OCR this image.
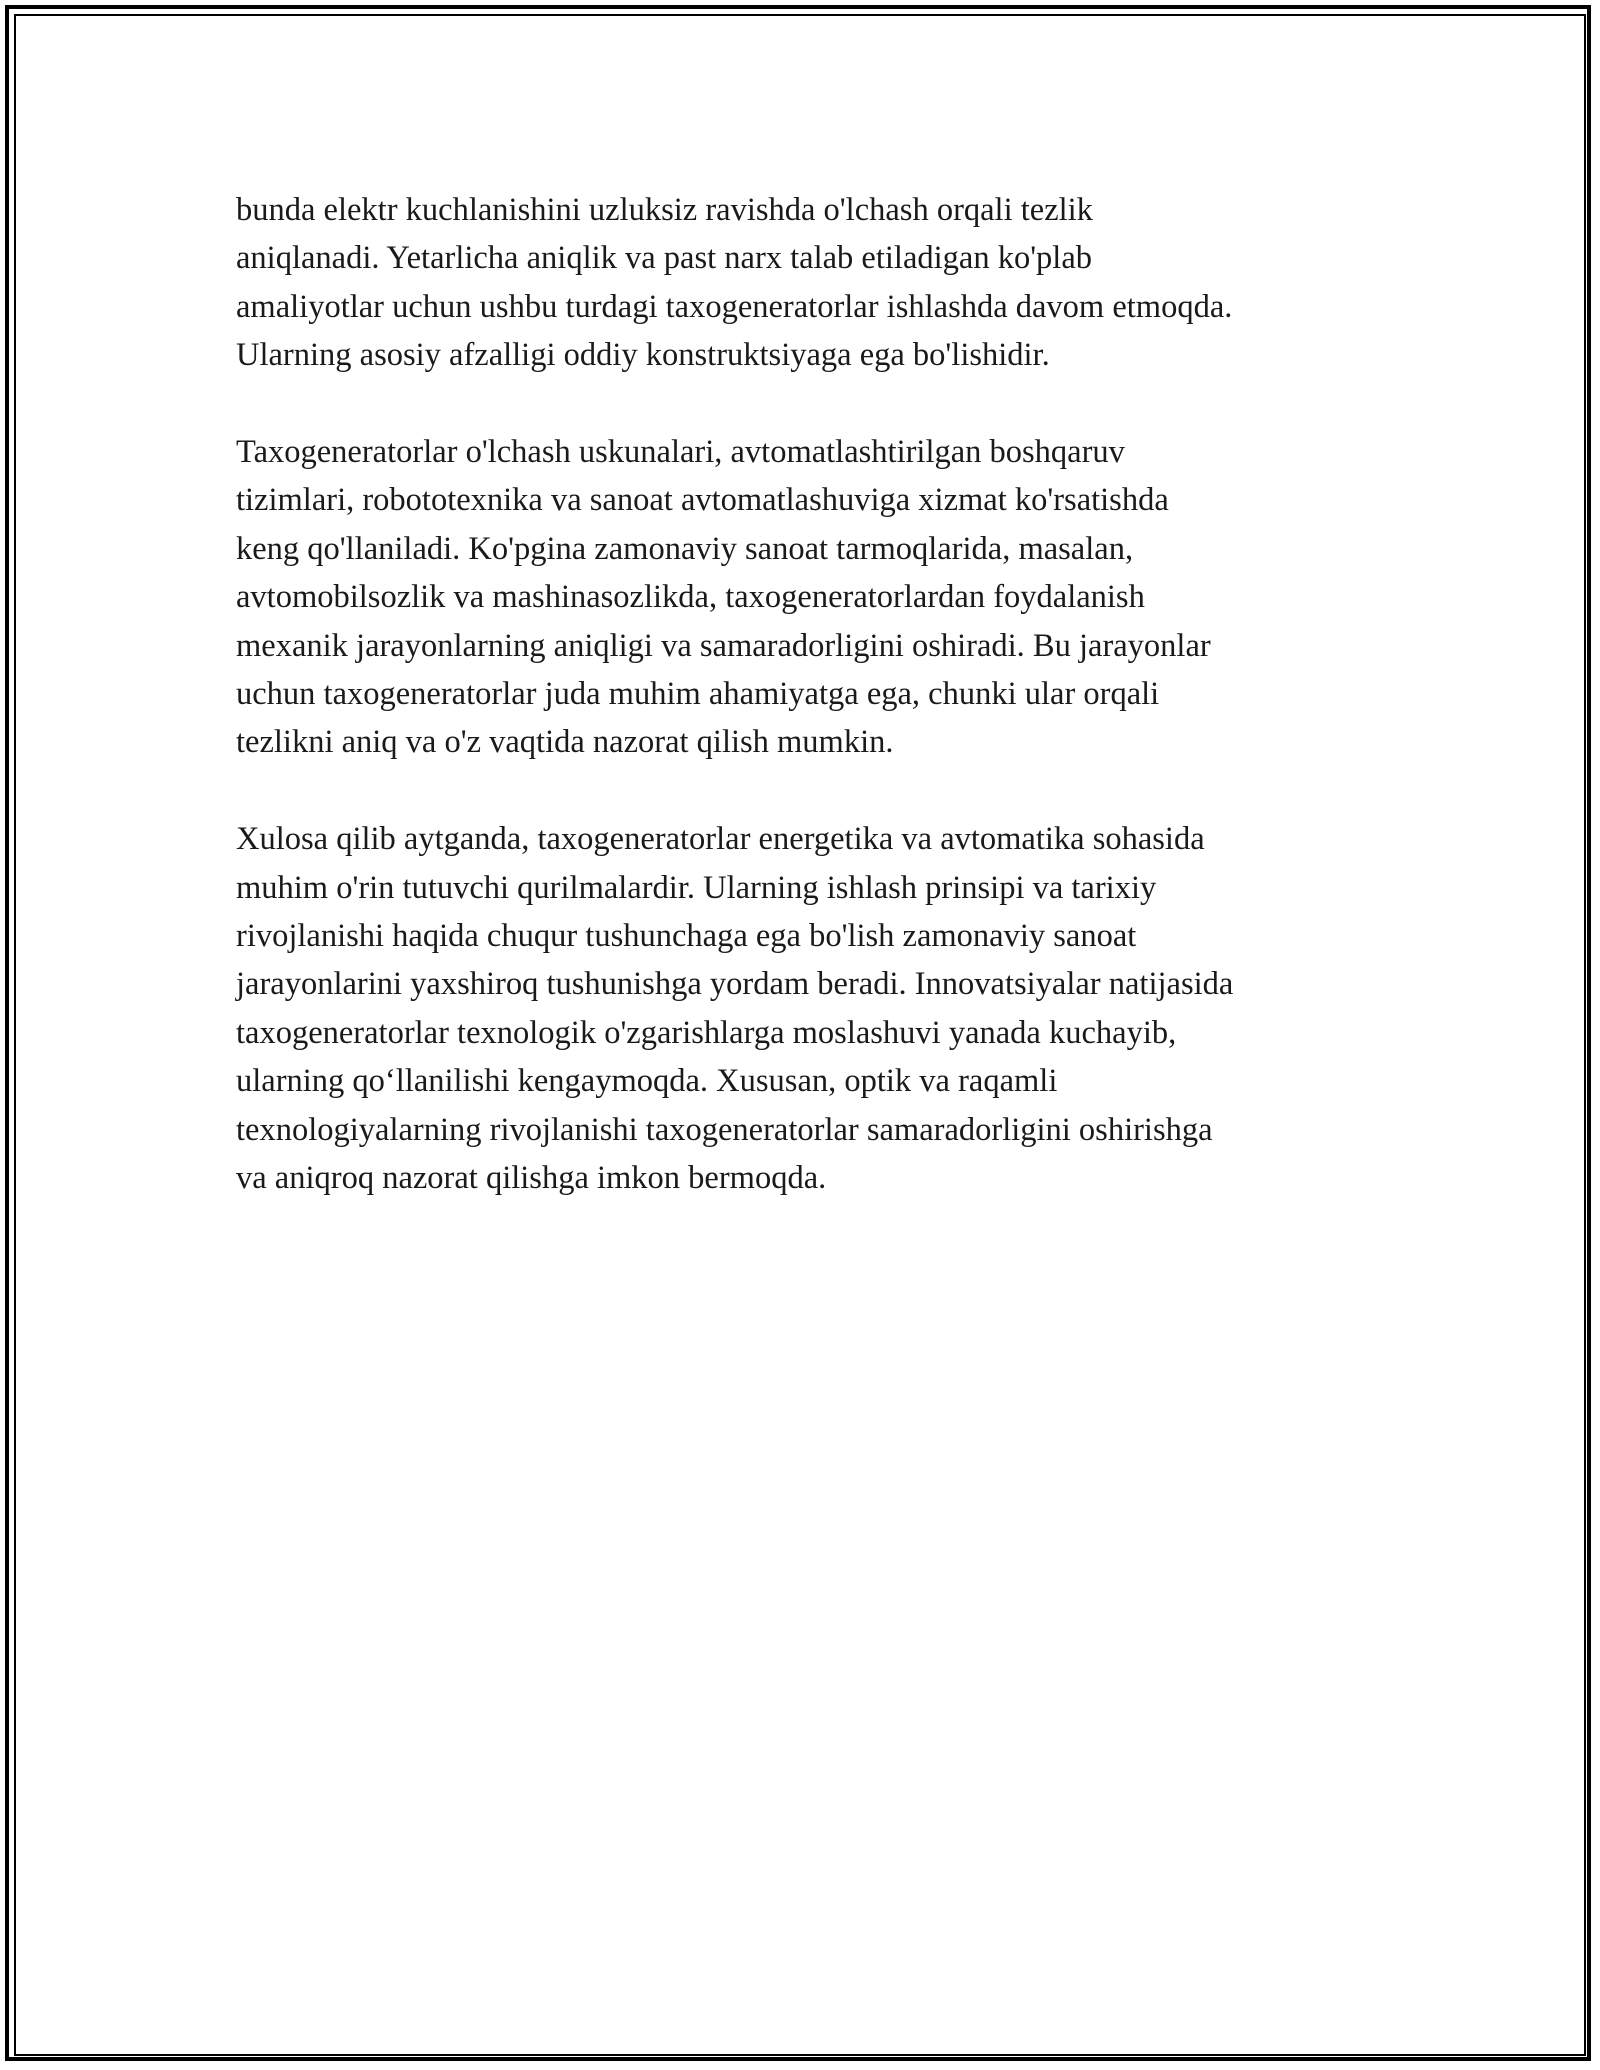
bunda elektr kuchlanishini uzluksiz ravishda o'lchash orqali tezlik
aniqlanadi. Yetarlicha aniqlik va past narx talab etiladigan ko'plab
amaliyotlar uchun ushbu turdagi taxogeneratorlar ishlashda davom etmoqda.
Ularning asosiy afzalligi oddiy konstruktsiyaga ega bo'lishidir.

Taxogeneratorlar o'lchash uskunalari, avtomatlashtirilgan boshqaruv
tizimlari, robototexnika va sanoat avtomatlashuviga xizmat ko'rsatishda
keng qo'llaniladi. Ko'pgina zamonaviy sanoat tarmoqlarida, masalan,
avtomobilsozlik va mashinasozlikda, taxogeneratorlardan foydalanish
mexanik jarayonlarning aniqligi va samaradorligini oshiradi. Bu jarayonlar
uchun taxogeneratorlar juda muhim ahamiyatga ega, chunki ular orqali
tezlikni aniq va o'z vaqtida nazorat qilish mumkin.

Xulosa qilib aytganda, taxogeneratorlar energetika va avtomatika sohasida
muhim o'rin tutuvchi qurilmalardir. Ularning ishlash prinsipi va tarixiy
rivojlanishi haqida chuqur tushunchaga ega bo'lish zamonaviy sanoat
jarayonlarini yaxshiroq tushunishga yordam beradi. Innovatsiyalar natijasida
taxogeneratorlar texnologik o'zgarishlarga moslashuvi yanada kuchayib,
ularning qo‘llanilishi kengaymoqda. Xususan, optik va raqamli
texnologiyalarning rivojlanishi taxogeneratorlar samaradorligini oshirishga
va aniqroq nazorat qilishga imkon bermoqda.
